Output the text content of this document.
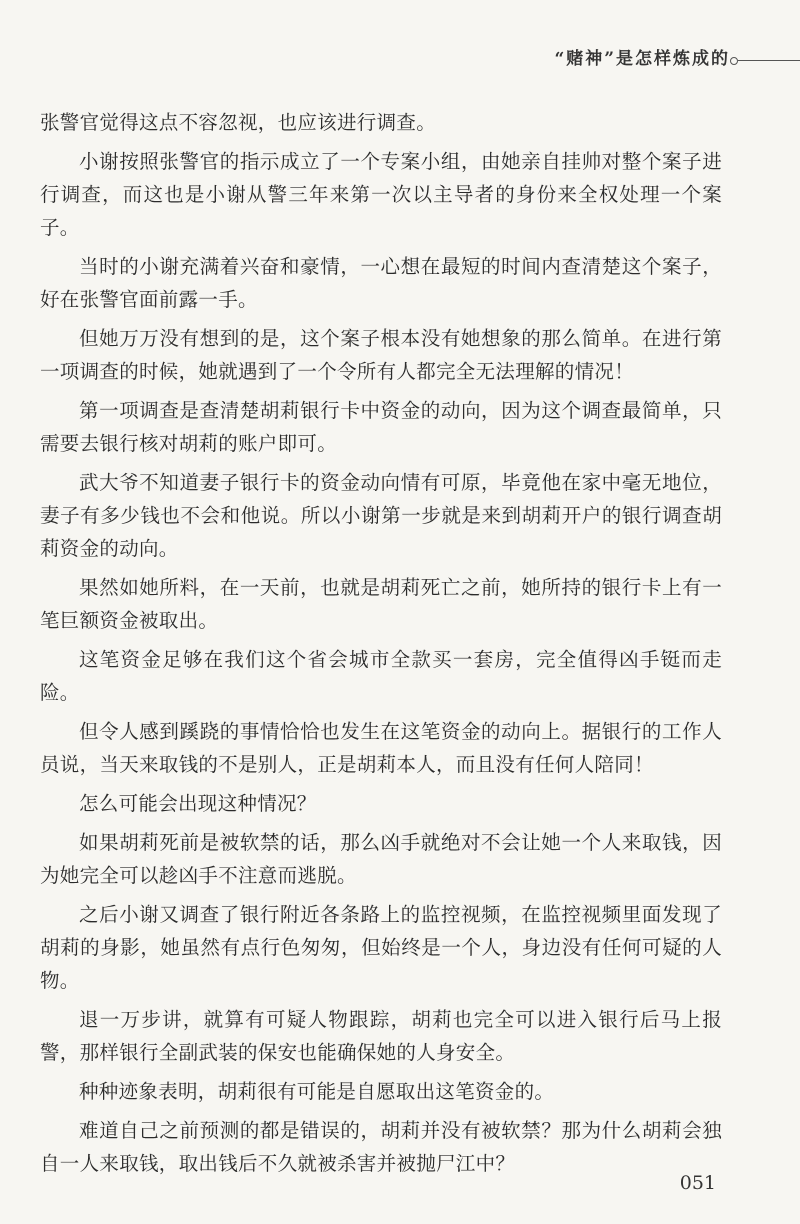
“赌神”是怎样炼成的

张警官觉得这点不容忽视，也应该进行调查。

小谢按照张警官的指示成立了一个专案小组，由她亲自挂帅对整个案子进行调查，而这也是小谢从警三年来第一次以主导者的身份来全权处理一个案子。

当时的小谢充满着兴奋和豪情，一心想在最短的时间内查清楚这个案子，好在张警官面前露一手。

但她万万没有想到的是，这个案子根本没有她想象的那么简单。在进行第一项调查的时候，她就遇到了一个令所有人都完全无法理解的情况！

第一项调查是查清楚胡莉银行卡中资金的动向，因为这个调查最简单，只需要去银行核对胡莉的账户即可。

武大爷不知道妻子银行卡的资金动向情有可原，毕竟他在家中毫无地位，妻子有多少钱也不会和他说。所以小谢第一步就是来到胡莉开户的银行调查胡莉资金的动向。

果然如她所料，在一天前，也就是胡莉死亡之前，她所持的银行卡上有一笔巨额资金被取出。

这笔资金足够在我们这个省会城市全款买一套房，完全值得凶手铤而走险。

但令人感到蹊跷的事情恰恰也发生在这笔资金的动向上。据银行的工作人员说，当天来取钱的不是别人，正是胡莉本人，而且没有任何人陪同！

怎么可能会出现这种情况？

如果胡莉死前是被软禁的话，那么凶手就绝对不会让她一个人来取钱，因为她完全可以趁凶手不注意而逃脱。

之后小谢又调查了银行附近各条路上的监控视频，在监控视频里面发现了胡莉的身影，她虽然有点行色匆匆，但始终是一个人，身边没有任何可疑的人物。

退一万步讲，就算有可疑人物跟踪，胡莉也完全可以进入银行后马上报警，那样银行全副武装的保安也能确保她的人身安全。

种种迹象表明，胡莉很有可能是自愿取出这笔资金的。

难道自己之前预测的都是错误的，胡莉并没有被软禁？那为什么胡莉会独自一人来取钱，取出钱后不久就被杀害并被抛尸江中？

051
